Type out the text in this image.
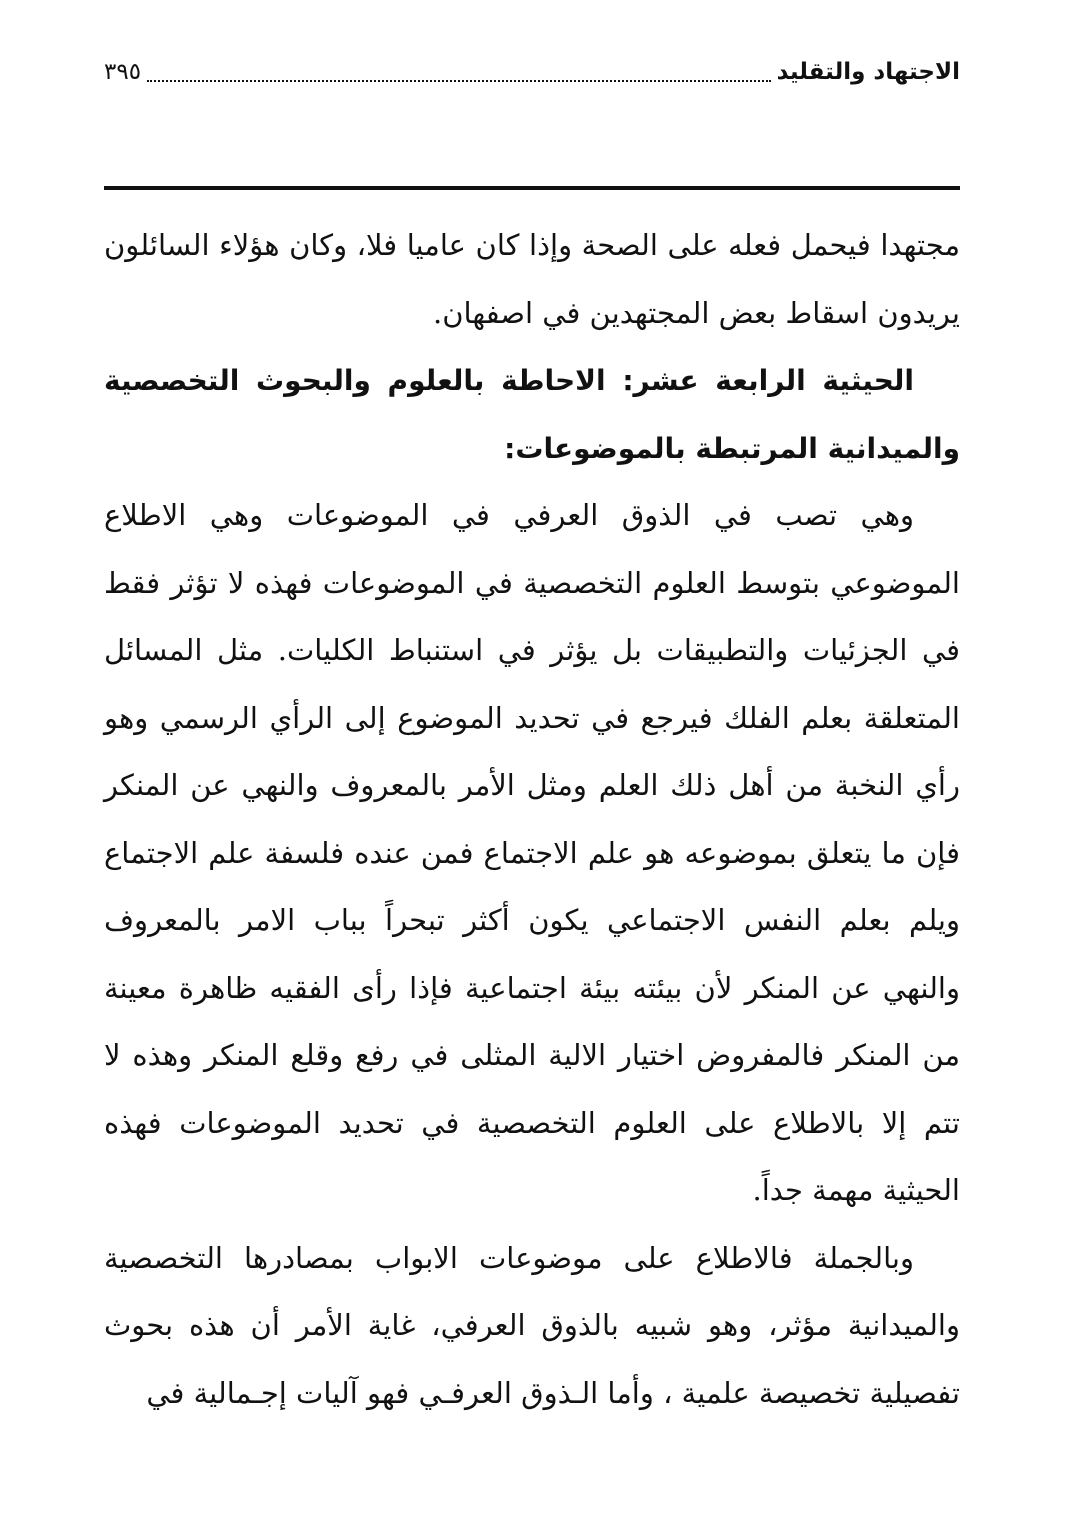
الاجتهاد والتقليد
٣٩٥

مجتهدا فيحمل فعله على الصحة وإذا كان عاميا فلا، وكان هؤلاء السائلون يريدون اسقاط بعض المجتهدين في اصفهان.

الحيثية الرابعة عشر: الاحاطة بالعلوم والبحوث التخصصية والميدانية المرتبطة بالموضوعات:

وهي تصب في الذوق العرفي في الموضوعات وهي الاطلاع الموضوعي بتوسط العلوم التخصصية في الموضوعات فهذه لا تؤثر فقط في الجزئيات والتطبيقات بل يؤثر في استنباط الكليات. مثل المسائل المتعلقة بعلم الفلك فيرجع في تحديد الموضوع إلى الرأي الرسمي وهو رأي النخبة من أهل ذلك العلم ومثل الأمر بالمعروف والنهي عن المنكر فإن ما يتعلق بموضوعه هو علم الاجتماع فمن عنده فلسفة علم الاجتماع ويلم بعلم النفس الاجتماعي يكون أكثر تبحراً بباب الامر بالمعروف والنهي عن المنكر لأن بيئته بيئة اجتماعية فإذا رأى الفقيه ظاهرة معينة من المنكر فالمفروض اختيار الالية المثلى في رفع وقلع المنكر وهذه لا تتم إلا بالاطلاع على العلوم التخصصية في تحديد الموضوعات فهذه الحيثية مهمة جداً.

وبالجملة فالاطلاع على موضوعات الابواب بمصادرها التخصصية والميدانية مؤثر، وهو شبيه بالذوق العرفي، غاية الأمر أن هذه بحوث تفصيلية تخصيصة علمية ، وأما الـذوق العرفـي فهو آليات إجـمالية في
